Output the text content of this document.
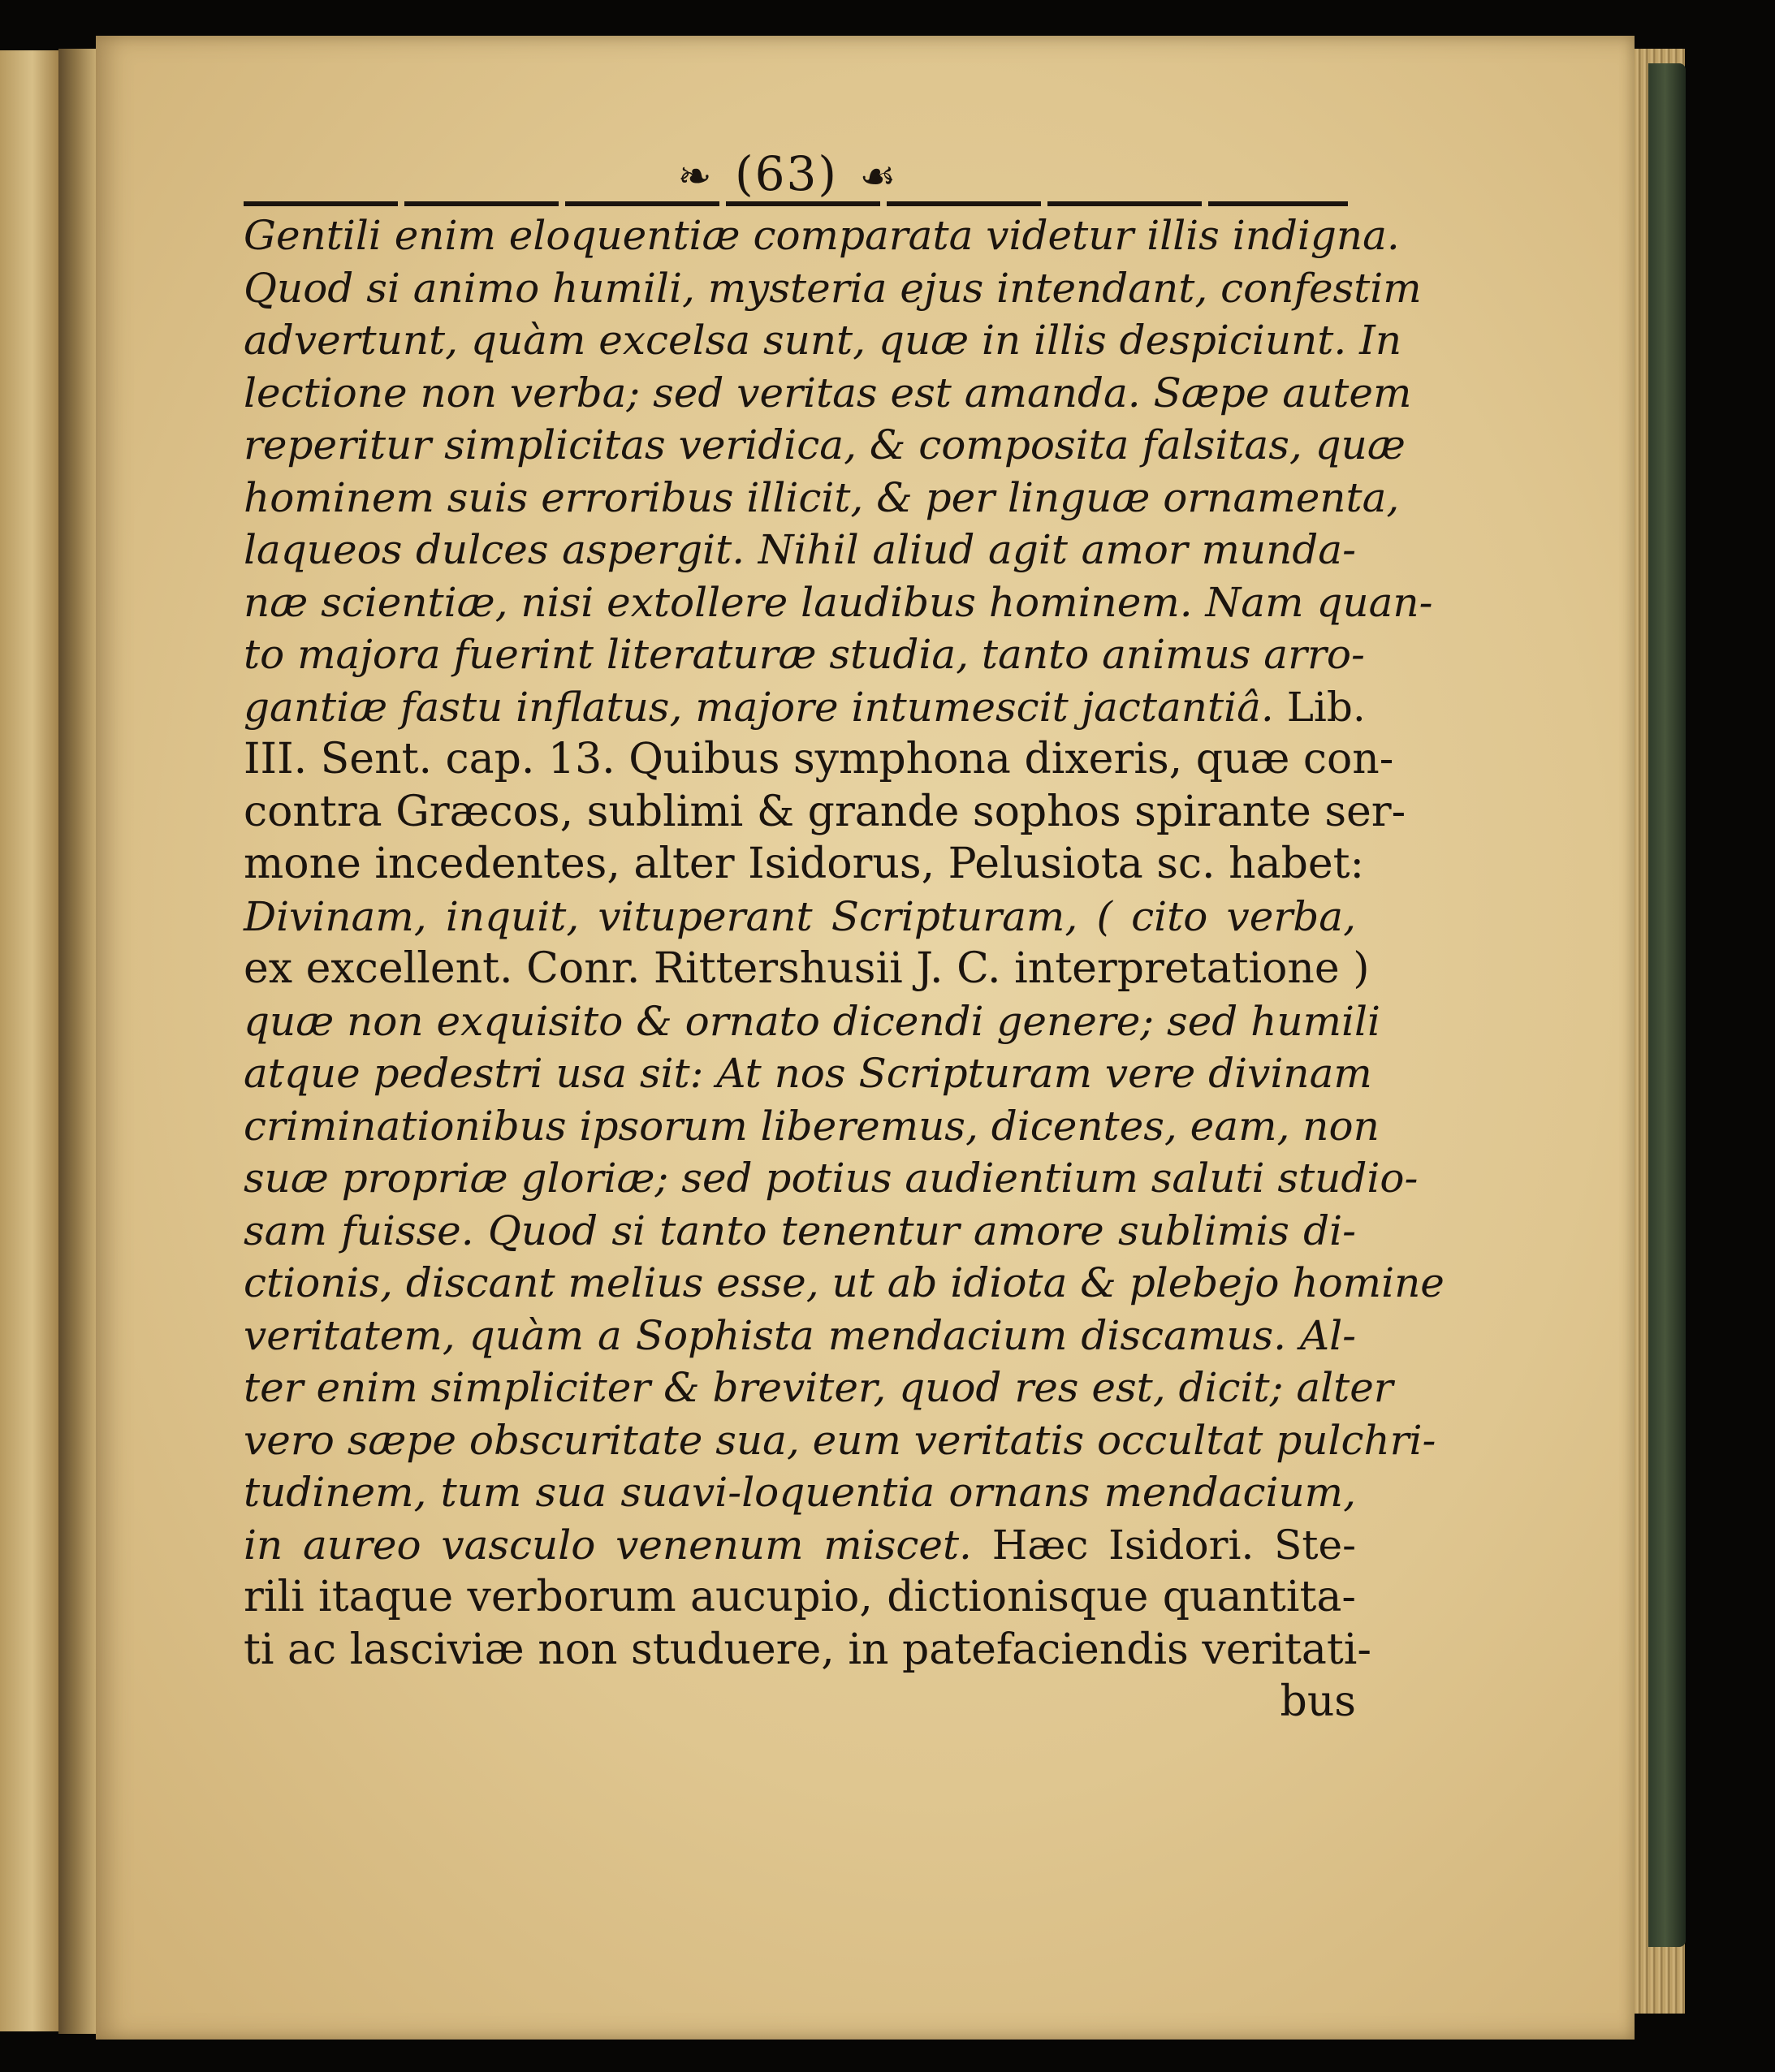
❧ (63) ☙
Gentili enim eloquentiæ comparata videtur illis indigna.
Quod si animo humili, mysteria ejus intendant, confestim
advertunt, quàm excelsa sunt, quæ in illis despiciunt. In
lectione non verba; sed veritas est amanda. Sæpe autem
reperitur simplicitas veridica, & composita falsitas, quæ
hominem suis erroribus illicit, & per linguæ ornamenta,
laqueos dulces aspergit. Nihil aliud agit amor munda-
næ scientiæ, nisi extollere laudibus hominem. Nam quan-
to majora fuerint literaturæ studia, tanto animus arro-
gantiæ fastu inflatus, majore intumescit jactantiâ. Lib.
III. Sent. cap. 13. Quibus symphona dixeris, quæ con-
contra Græcos, sublimi & grande sophos spirante ser-
mone incedentes, alter Isidorus, Pelusiota sc. habet:
Divinam, inquit, vituperant Scripturam, ( cito verba,
ex excellent. Conr. Rittershusii J. C. interpretatione )
quæ non exquisito & ornato dicendi genere; sed humili
atque pedestri usa sit: At nos Scripturam vere divinam
criminationibus ipsorum liberemus, dicentes, eam, non
suæ propriæ gloriæ; sed potius audientium saluti studio-
sam fuisse. Quod si tanto tenentur amore sublimis di-
ctionis, discant melius esse, ut ab idiota & plebejo homine
veritatem, quàm a Sophista mendacium discamus. Al-
ter enim simpliciter & breviter, quod res est, dicit; alter
vero sæpe obscuritate sua, eum veritatis occultat pulchri-
tudinem, tum sua suavi-loquentia ornans mendacium,
in aureo vasculo venenum miscet. Hæc Isidori. Ste-
rili itaque verborum aucupio, dictionisque quantita-
ti ac lasciviæ non studuere, in patefaciendis veritati-
bus
